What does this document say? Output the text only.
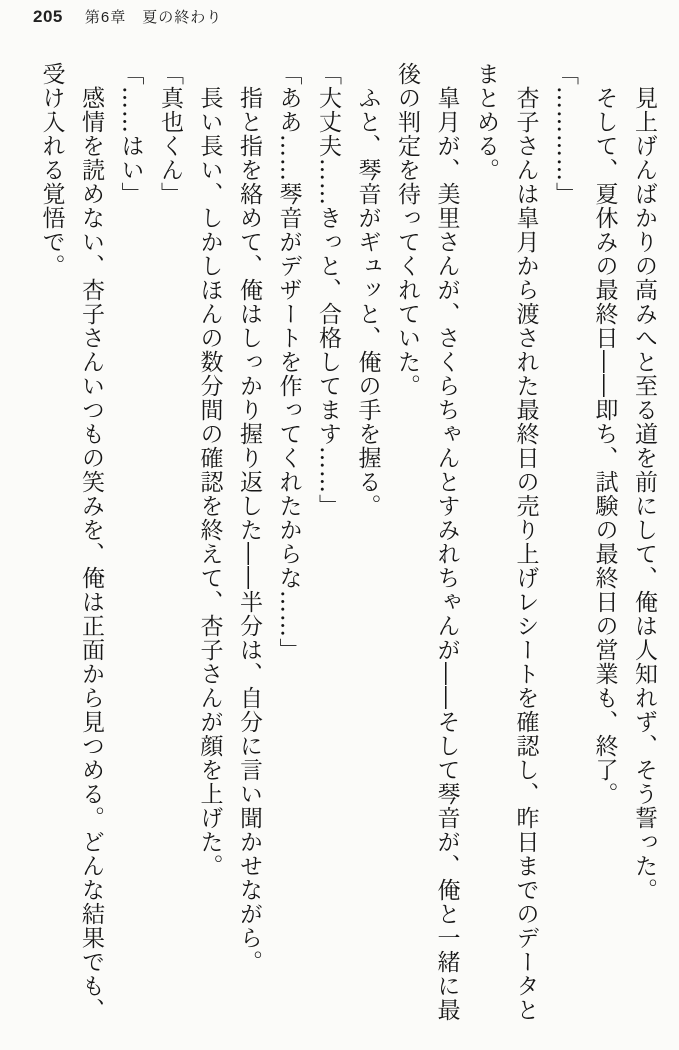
205 第6章　夏の終わり

見上げんばかりの高みへと至る道を前にして、俺は人知れず、そう誓った。

そして、夏休みの最終日――即ち、試験の最終日の営業も、終了。

「…………」

杏子さんは皐月から渡された最終日の売り上げレシートを確認し、昨日までのデータとまとめる。

皐月が、美里さんが、さくらちゃんとすみれちゃんが――そして琴音が、俺と一緒に最後の判定を待ってくれていた。

ふと、琴音がギュッと、俺の手を握る。

「大丈夫……きっと、合格してます……」

「ああ……琴音がデザートを作ってくれたからな……」

指と指を絡めて、俺はしっかり握り返した――半分は、自分に言い聞かせながら。

長い長い、しかしほんの数分間の確認を終えて、杏子さんが顔を上げた。

「真也くん」

「……はい」

感情を読めない、杏子さんいつもの笑みを、俺は正面から見つめる。どんな結果でも、受け入れる覚悟で。
